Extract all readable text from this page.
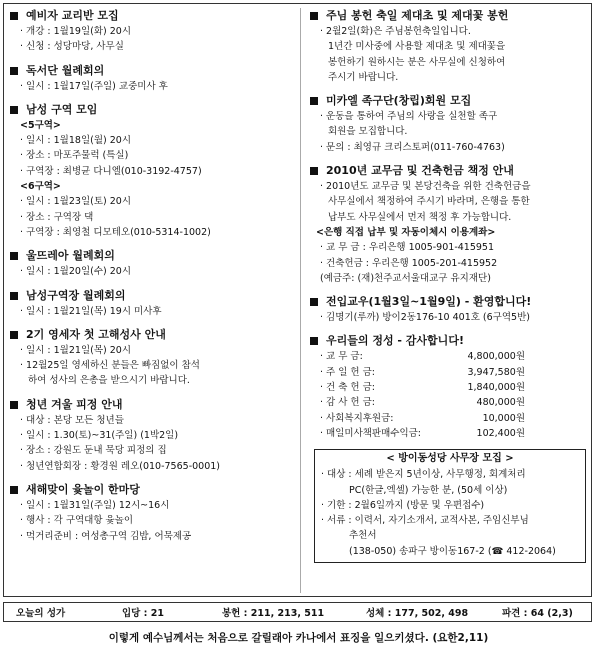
예비자 교리반 모집
· 개강 : 1월19일(화) 20시
· 신청 : 성당마당, 사무실
독서단 월례회의
· 일시 : 1월17일(주일) 교중미사 후
남성 구역 모임
<5구역>
· 일시 : 1월18일(월) 20시
· 장소 : 마포주물럭 (특실)
· 구역장 : 최병균 다니엘(010-3192-4757)
<6구역>
· 일시 : 1월23일(토) 20시
· 장소 : 구역장 댁
· 구역장 : 최영철 디모테오(010-5314-1002)
울뜨레아 월례회의
· 일시 : 1월20일(수) 20시
남성구역장 월례회의
· 일시 : 1월21일(목) 19시 미사후
2기 영세자 첫 고해성사 안내
· 일시 : 1월21일(목) 20시
· 12월25일 영세하신 분들은 빠짐없이 참석
하여 성사의 은총을 받으시기 바랍니다.
청년 겨울 피정 안내
· 대상 : 본당 모든 청년들
· 일시 : 1.30(토)~31(주일) (1박2일)
· 장소 : 강원도 둔내 묵당 피정의 집
· 청년연합회장 : 황경원 레오(010-7565-0001)
새해맞이 윷놀이 한마당
· 일시 : 1월31일(주일) 12시~16시
· 행사 : 각 구역대항 윷놀이
· 먹거리준비 : 여성총구역 김밥, 어묵제공
주님 봉헌 축일 제대초 및 제대꽃 봉헌
· 2월2일(화)은 주님봉헌축일입니다.
1년간 미사중에 사용할 제대초 및 제대꽃을
봉헌하기 원하시는 분은 사무실에 신청하여
주시기 바랍니다.
미카엘 족구단(창립)회원 모집
· 운동을 통하여 주님의 사랑을 실천할 족구
회원을 모집합니다.
· 문의 : 최영규 크리스토퍼(011-760-4763)
2010년 교무금 및 건축헌금 책정 안내
· 2010년도 교무금 및 본당건축을 위한 건축헌금을
사무실에서 책정하여 주시기 바라며, 은행을 통한
납부도 사무실에서 먼저 책정 후 가능합니다.
<은행 직접 납부 및 자동이체시 이용계좌>
· 교 무 금 : 우리은행 1005-901-415951
· 건축헌금 : 우리은행 1005-201-415952
(예금주: (재)천주교서울대교구 유지재단)
전입교우(1월3일~1월9일) - 환영합니다!
· 김명기(루까) 방이2동176-10 401호 (6구역5반)
우리들의 정성 - 감사합니다!
· 교 무 금:	4,800,000원
· 주 일 헌 금:	3,947,580원
· 건 축 헌 금:	1,840,000원
· 감 사 헌 금:	480,000원
· 사회복지후원금:	10,000원
· 매일미사책판매수익금:	102,400원
< 방이동성당 사무장 모집 >
· 대상 : 세례 받은지 5년이상, 사무행정, 회계처리
PC(한글,엑셀) 가능한 분, (50세 이상)
· 기한 : 2월6일까지 (방문 및 우편접수)
· 서류 : 이력서, 자기소개서, 교적사본, 주임신부님
추천서
(138-050) 송파구 방이동167-2 (☎ 412-2064)
오늘의 성가	입당 : 21	봉헌 : 211, 213, 511	성체 : 177, 502, 498	파견 : 64 (2,3)
이렇게 예수님께서는 처음으로 갈릴래아 카나에서 표징을 일으키셨다. (요한2,11)
